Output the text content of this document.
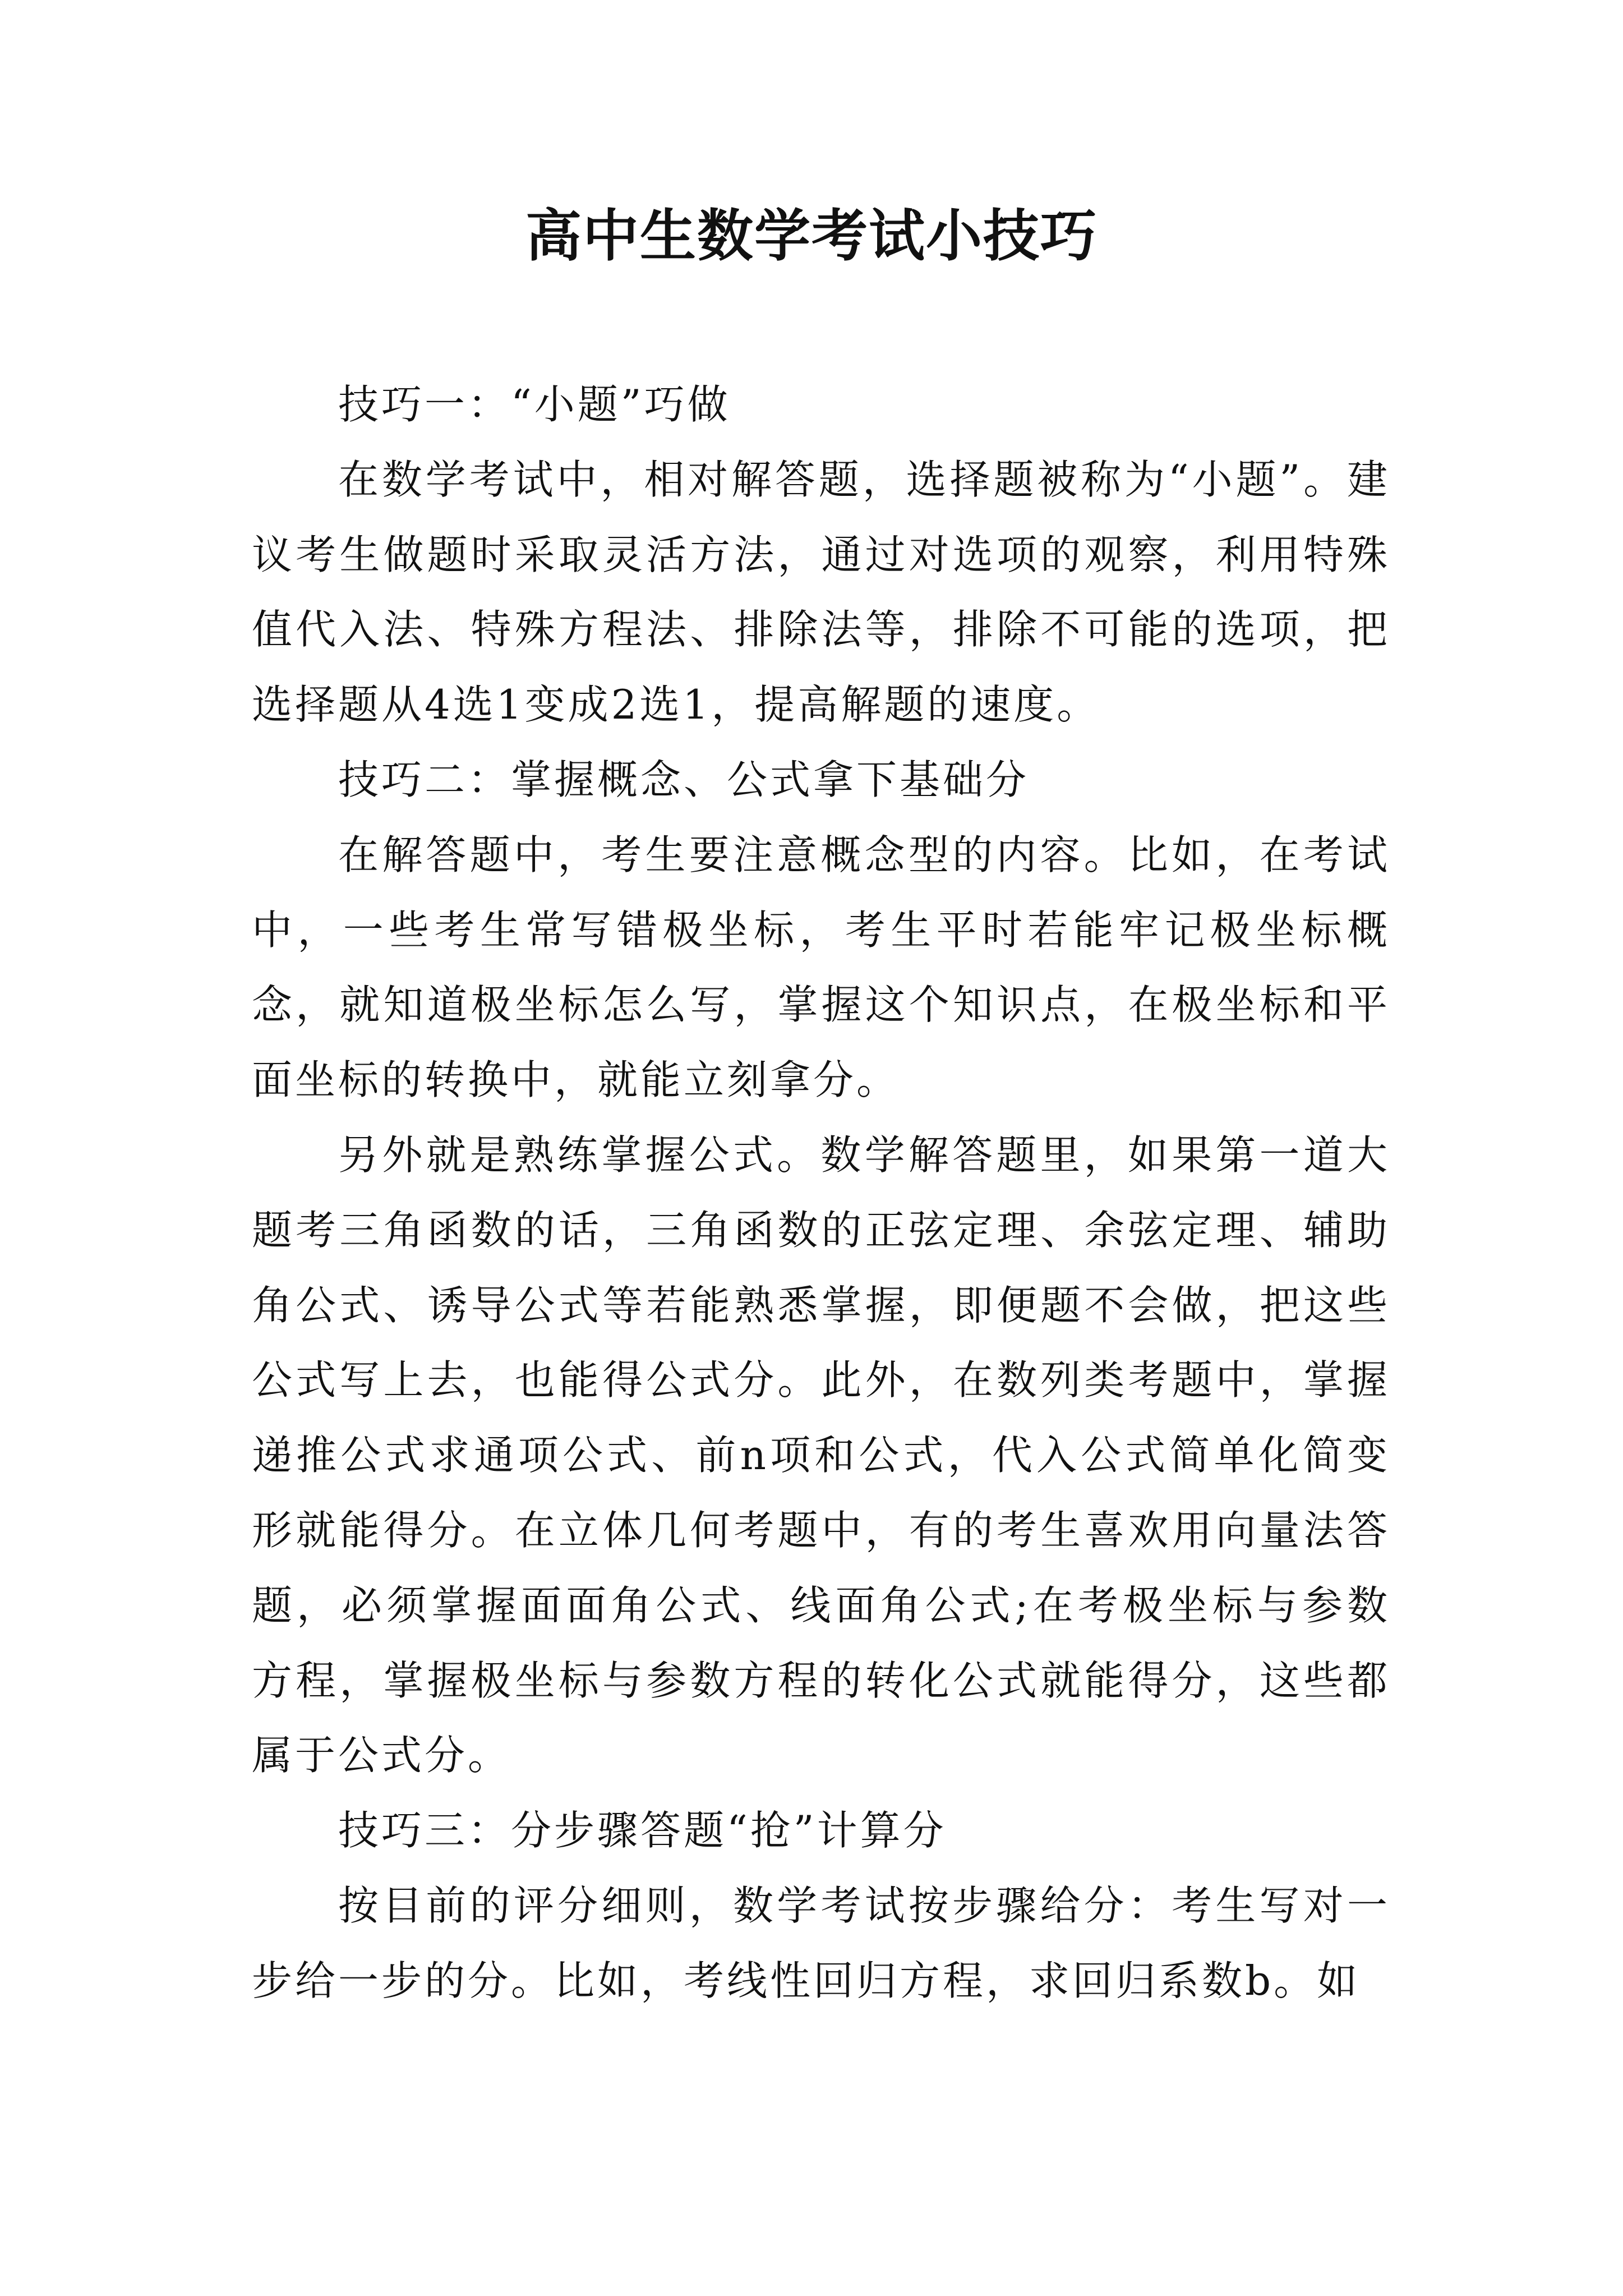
高中生数学考试小技巧

技巧一：“小题”巧做

在数学考试中，相对解答题，选择题被称为“小题”。建议考生做题时采取灵活方法，通过对选项的观察，利用特殊值代入法、特殊方程法、排除法等，排除不可能的选项，把选择题从4选1变成2选1，提高解题的速度。

技巧二：掌握概念、公式拿下基础分

在解答题中，考生要注意概念型的内容。比如，在考试中，一些考生常写错极坐标，考生平时若能牢记极坐标概念，就知道极坐标怎么写，掌握这个知识点，在极坐标和平面坐标的转换中，就能立刻拿分。

另外就是熟练掌握公式。数学解答题里，如果第一道大题考三角函数的话，三角函数的正弦定理、余弦定理、辅助角公式、诱导公式等若能熟悉掌握，即便题不会做，把这些公式写上去，也能得公式分。此外，在数列类考题中，掌握递推公式求通项公式、前n项和公式，代入公式简单化简变形就能得分。在立体几何考题中，有的考生喜欢用向量法答题，必须掌握面面角公式、线面角公式;在考极坐标与参数方程，掌握极坐标与参数方程的转化公式就能得分，这些都属于公式分。

技巧三：分步骤答题“抢”计算分

按目前的评分细则，数学考试按步骤给分：考生写对一步给一步的分。比如，考线性回归方程，求回归系数b。如
